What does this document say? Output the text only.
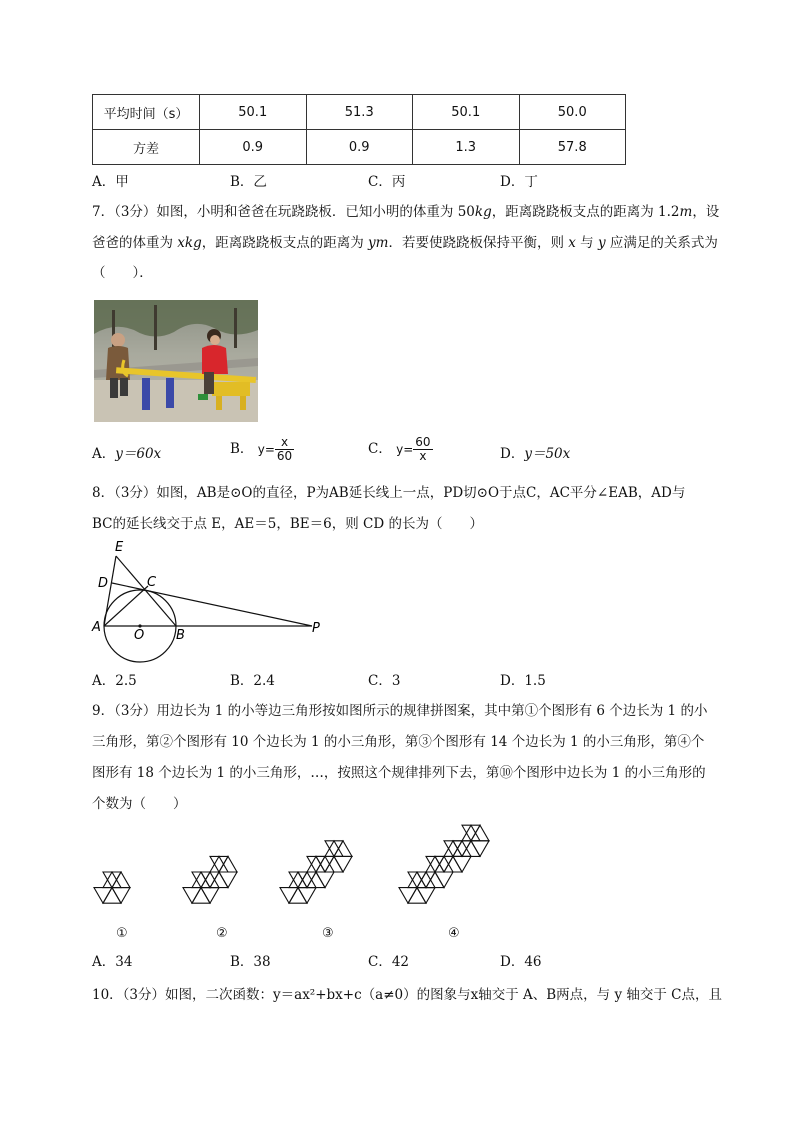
平均时间（s）	50.1	51.3	50.1	50.0
方差	0.9	0.9	1.3	57.8
A．甲	B．乙	C．丙	D．丁
7．（3分）如图，小明和爸爸在玩跷跷板．已知小明的体重为 50kg，距离跷跷板支点的距离为 1.2m，设
爸爸的体重为 xkg，距离跷跷板支点的距离为 ym．若要使跷跷板保持平衡，则 x 与 y 应满足的关系式为
（　　）．
A．y＝60x	B． $y= \frac{x}{60}$	C． $y= \frac{60}{x}$	D．y＝50x
8．（3分）如图，AB是⊙O的直径，P为AB延长线上一点，PD切⊙O于点C，AC平分∠EAB，AD与
BC的延长线交于点 E，AE＝5，BE＝6，则 CD 的长为（　　）
E
D	C
A
O B	P
A．2.5	B．2.4	C．3	D．1.5
9．（3分）用边长为 1 的小等边三角形按如图所示的规律拼图案，其中第①个图形有 6 个边长为 1 的小
三角形，第②个图形有 10 个边长为 1 的小三角形，第③个图形有 14 个边长为 1 的小三角形，第④个
图形有 18 个边长为 1 的小三角形，…，按照这个规律排列下去，第⑩个图形中边长为 1 的小三角形的
个数为（　　）
①	②	③	④
A．34	B．38	C．42	D．46
10．（3分）如图，二次函数：y＝ax²+bx+c（a≠0）的图象与x轴交于 A、B两点，与 y 轴交于 C点，且
